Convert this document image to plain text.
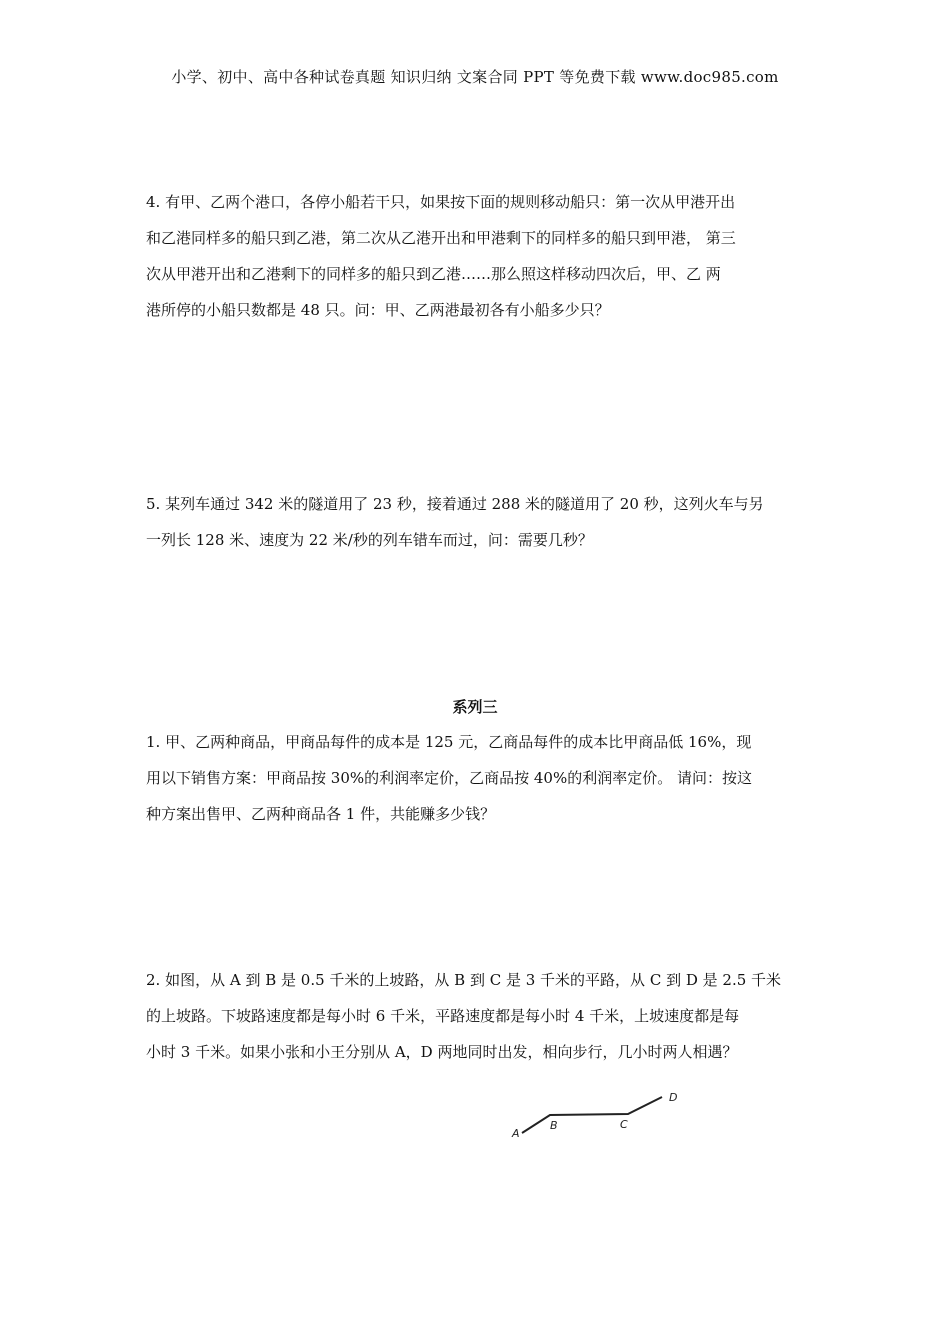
小学、初中、高中各种试卷真题 知识归纳 文案合同 PPT 等免费下载 www.doc985.com
4. 有甲、乙两个港口，各停小船若干只，如果按下面的规则移动船只：第一次从甲港开出
和乙港同样多的船只到乙港，第二次从乙港开出和甲港剩下的同样多的船只到甲港， 第三
次从甲港开出和乙港剩下的同样多的船只到乙港……那么照这样移动四次后，甲、乙 两
港所停的小船只数都是 48 只。问：甲、乙两港最初各有小船多少只？
5. 某列车通过 342 米的隧道用了 23 秒，接着通过 288 米的隧道用了 20 秒，这列火车与另
一列长 128 米、速度为 22 米/秒的列车错车而过，问：需要几秒？
系列三
1. 甲、乙两种商品，甲商品每件的成本是 125 元，乙商品每件的成本比甲商品低 16%，现
用以下销售方案：甲商品按 30%的利润率定价，乙商品按 40%的利润率定价。 请问：按这
种方案出售甲、乙两种商品各 1 件，共能赚多少钱？
2. 如图，从 A 到 B 是 0.5 千米的上坡路，从 B 到 C 是 3 千米的平路，从 C 到 D 是 2.5 千米
的上坡路。下坡路速度都是每小时 6 千米，平路速度都是每小时 4 千米，上坡速度都是每
小时 3 千米。如果小张和小王分别从 A，D 两地同时出发，相向步行，几小时两人相遇？
A
B	C
D
